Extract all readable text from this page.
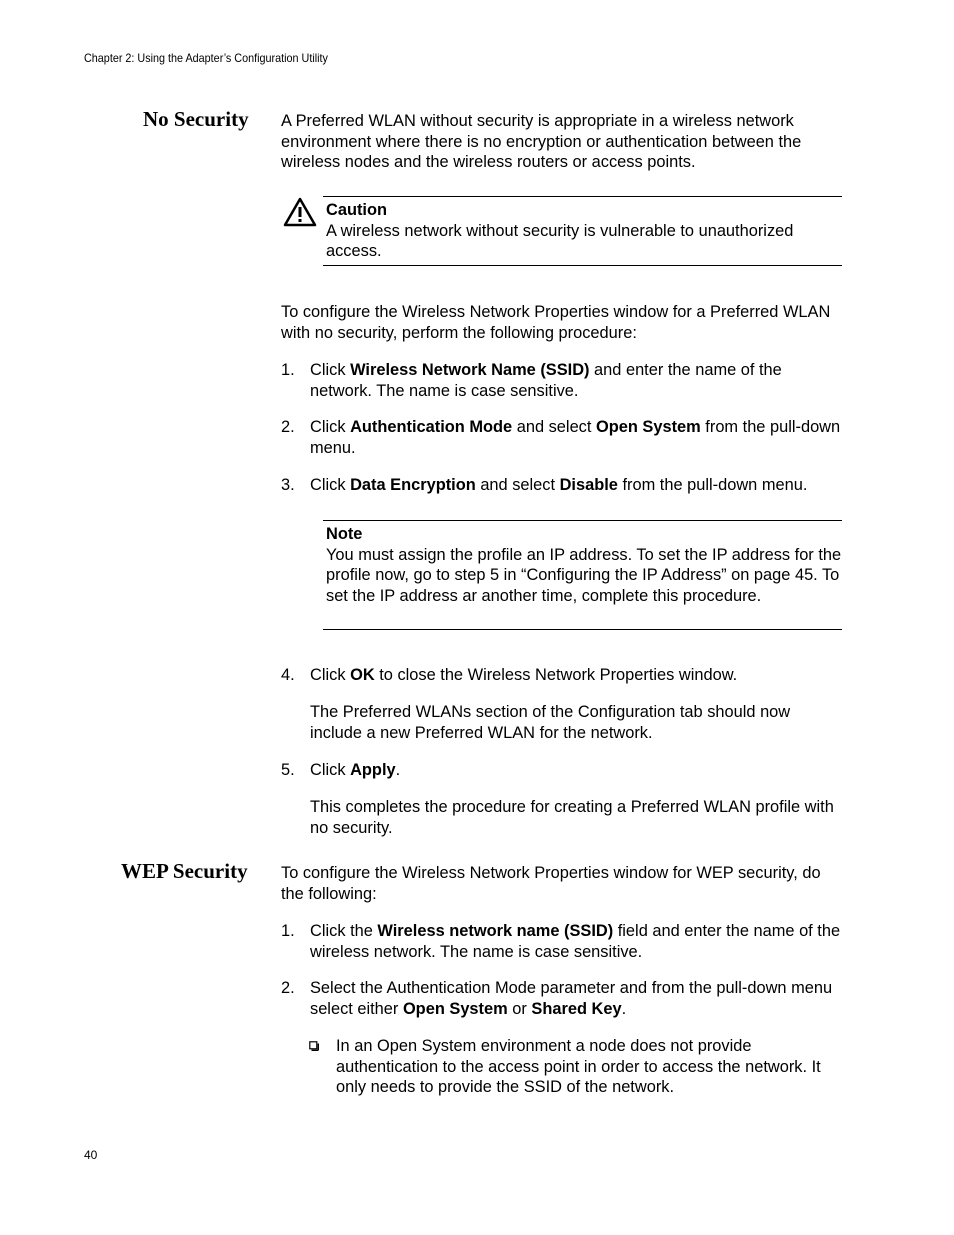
Chapter 2: Using the Adapter’s Configuration Utility
No Security A Preferred WLAN without security is appropriate in a wireless network environment where there is no encryption or authentication between the wireless nodes and the wireless routers or access points.
Caution
A wireless network without security is vulnerable to unauthorized access.
To configure the Wireless Network Properties window for a Preferred WLAN with no security, perform the following procedure:
1. Click Wireless Network Name (SSID) and enter the name of the network. The name is case sensitive.
2. Click Authentication Mode and select Open System from the pull-down menu.
3. Click Data Encryption and select Disable from the pull-down menu.
Note
You must assign the profile an IP address. To set the IP address for the profile now, go to step 5 in “Configuring the IP Address” on page 45. To set the IP address ar another time, complete this procedure.
4. Click OK to close the Wireless Network Properties window.
The Preferred WLANs section of the Configuration tab should now include a new Preferred WLAN for the network.
5. Click Apply.
This completes the procedure for creating a Preferred WLAN profile with no security.
WEP Security To configure the Wireless Network Properties window for WEP security, do the following:
1. Click the Wireless network name (SSID) field and enter the name of the wireless network. The name is case sensitive.
2. Select the Authentication Mode parameter and from the pull-down menu select either Open System or Shared Key.
In an Open System environment a node does not provide authentication to the access point in order to access the network. It only needs to provide the SSID of the network.
40
